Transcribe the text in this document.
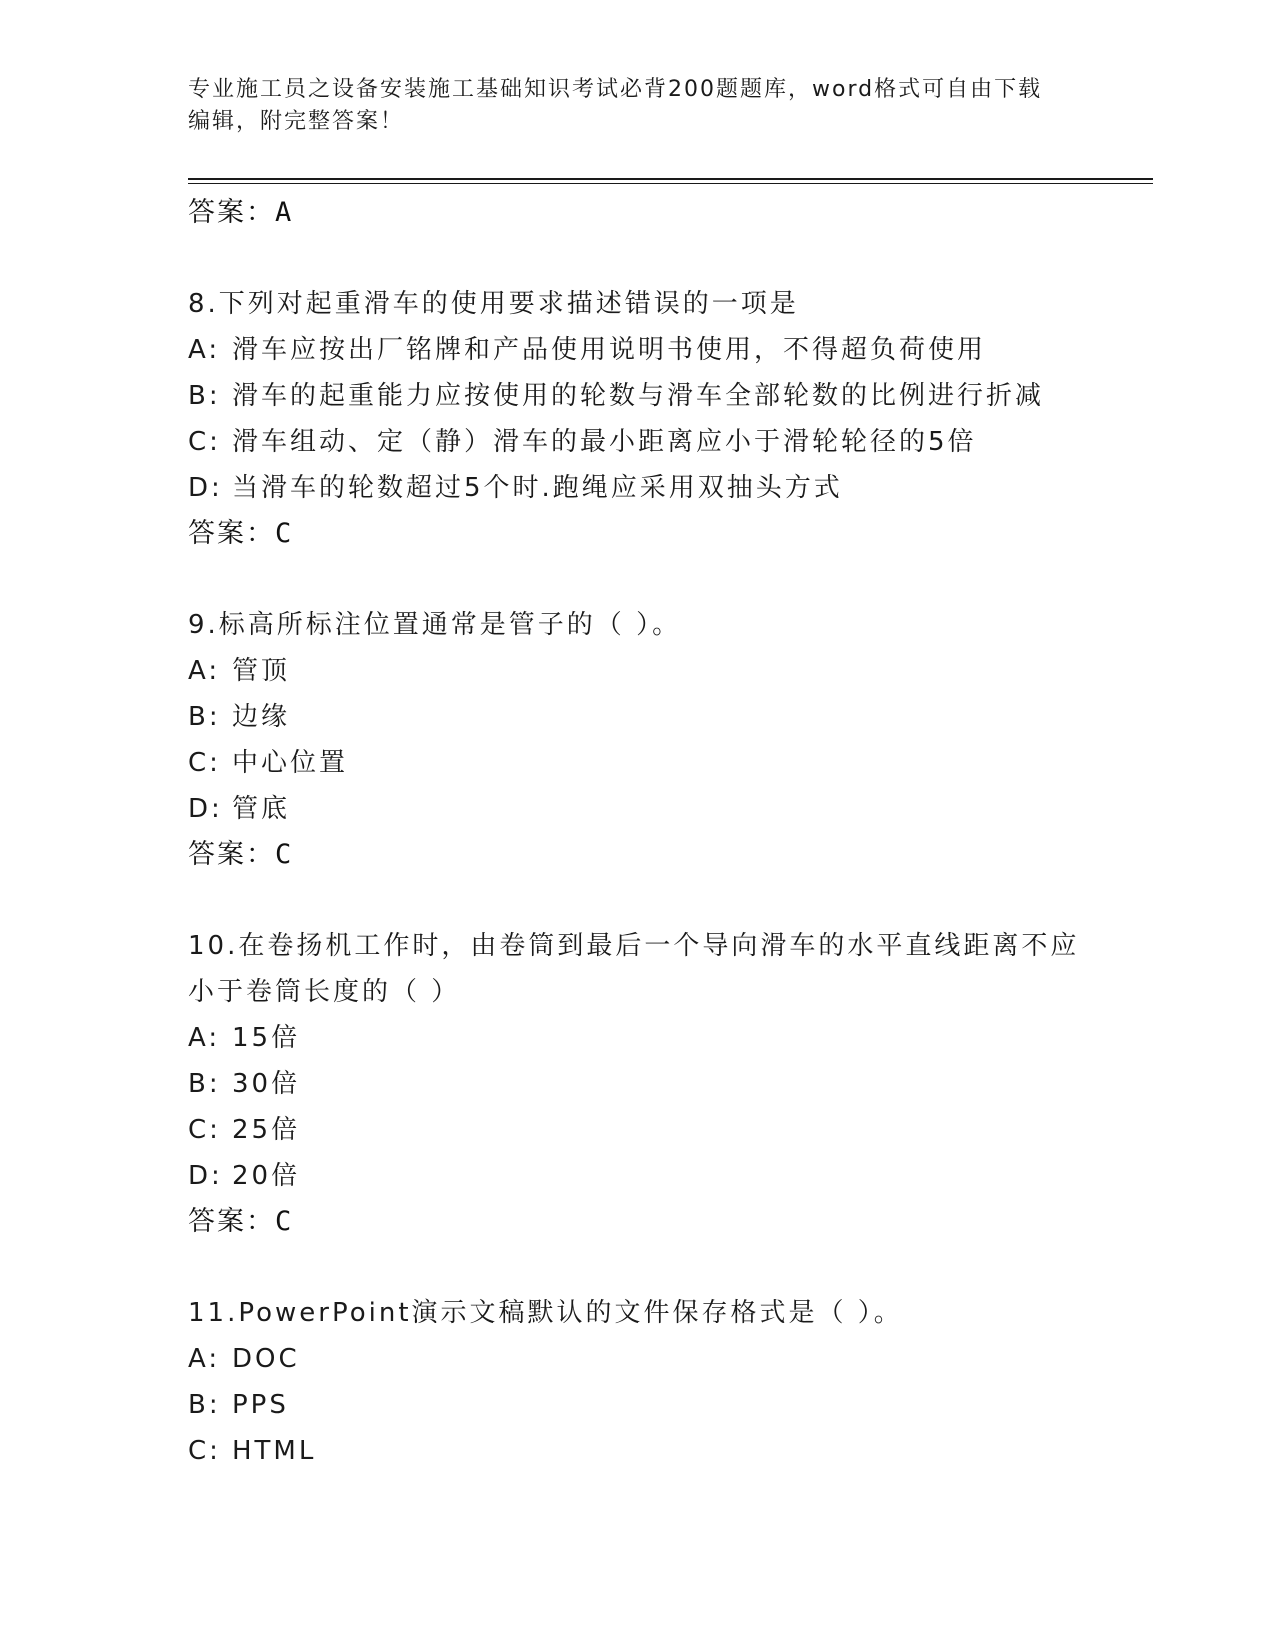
专业施工员之设备安装施工基础知识考试必背200题题库，word格式可自由下载
编辑，附完整答案！
答案：A
8.下列对起重滑车的使用要求描述错误的一项是
A: 滑车应按出厂铭牌和产品使用说明书使用，不得超负荷使用
B: 滑车的起重能力应按使用的轮数与滑车全部轮数的比例进行折减
C: 滑车组动、定（静）滑车的最小距离应小于滑轮轮径的5倍
D: 当滑车的轮数超过5个时.跑绳应采用双抽头方式
答案：C
9.标高所标注位置通常是管子的（ ）。
A: 管顶
B: 边缘
C: 中心位置
D: 管底
答案：C
10.在卷扬机工作时，由卷筒到最后一个导向滑车的水平直线距离不应
小于卷筒长度的（ ）
A: 15倍
B: 30倍
C: 25倍
D: 20倍
答案：C
11.PowerPoint演示文稿默认的文件保存格式是（ ）。
A: DOC
B: PPS
C: HTML
